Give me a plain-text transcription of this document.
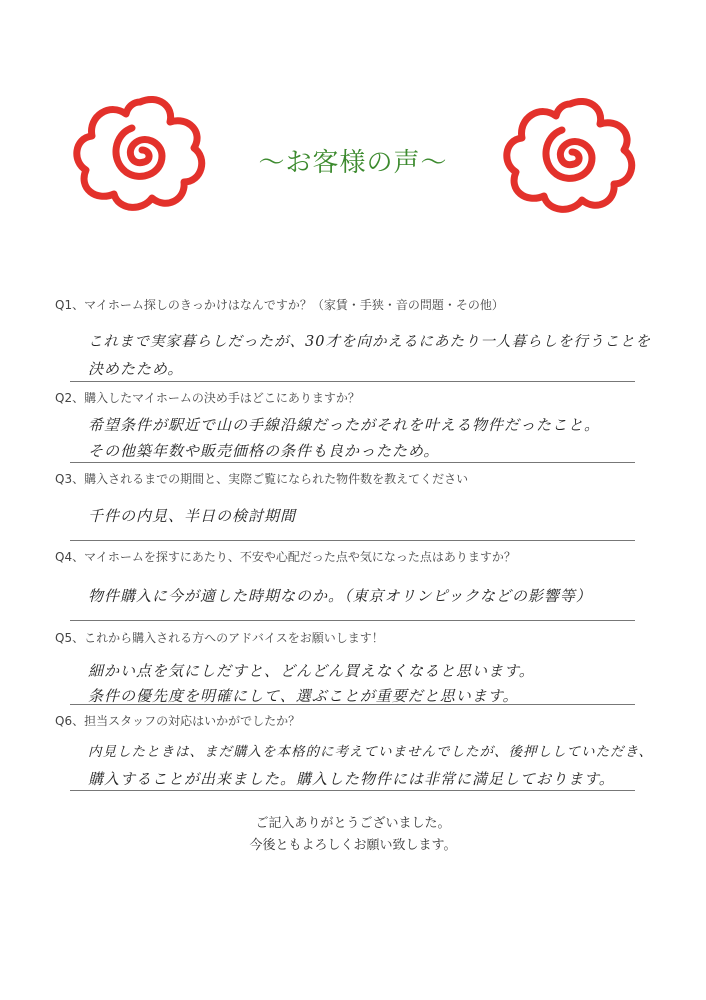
～お客様の声～
Q1、マイホーム探しのきっかけはなんですか？（家賃・手狭・音の問題・その他）
これまで実家暮らしだったが、30才を向かえるにあたり一人暮らしを行うことを
決めたため。
Q2、購入したマイホームの決め手はどこにありますか？
希望条件が駅近で山の手線沿線だったがそれを叶える物件だったこと。
その他築年数や販売価格の条件も良かったため。
Q3、購入されるまでの期間と、実際ご覧になられた物件数を教えてください
千件の内見、半日の検討期間
Q4、マイホームを探すにあたり、不安や心配だった点や気になった点はありますか？
物件購入に今が適した時期なのか。（東京オリンピックなどの影響等）
Q5、これから購入される方へのアドバイスをお願いします！
細かい点を気にしだすと、どんどん買えなくなると思います。
条件の優先度を明確にして、選ぶことが重要だと思います。
Q6、担当スタッフの対応はいかがでしたか？
内見したときは、まだ購入を本格的に考えていませんでしたが、後押ししていただき、
購入することが出来ました。購入した物件には非常に満足しております。
ご記入ありがとうございました。
今後ともよろしくお願い致します。
